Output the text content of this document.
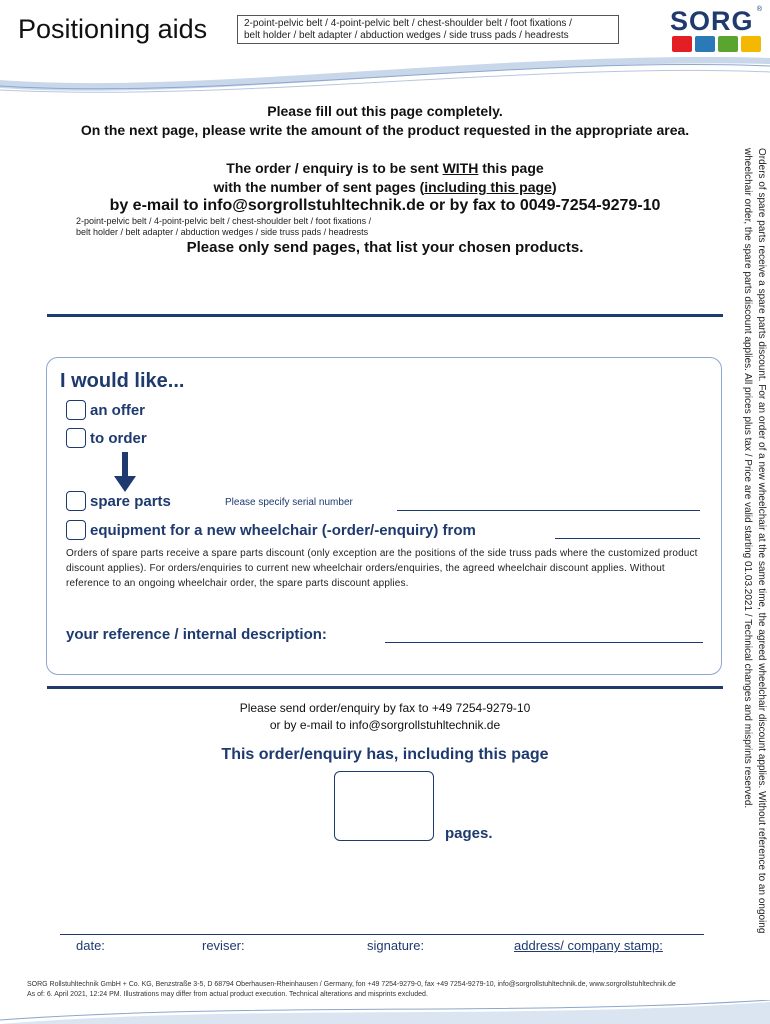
Positioning aids	2-point-pelvic belt / 4-point-pelvic belt / chest-shoulder belt / foot fixations /
belt holder / belt adapter / abduction wedges / side truss pads / headrests	SORG ®
Orders of spare parts receive a spare parts discount. For an order of a new wheelchair at the same time, the agreed wheelchair discount applies. Without reference to an ongoing wheelchair order, the spare parts discount applies. All prices plus tax / Price are valid starting 01.03.2021 / Technical changes and misprints reserved.
Please fill out this page completely.
On the next page, please write the amount of the product requested in the appropriate area.
The order / enquiry is to be sent WITH this page
with the number of sent pages (including this page)
by e-mail to info@sorgrollstuhltechnik.de or by fax to 0049-7254-9279-10
2-point-pelvic belt / 4-point-pelvic belt / chest-shoulder belt / foot fixations /
belt holder / belt adapter / abduction wedges / side truss pads / headrests
Please only send pages, that list your chosen products.
I would like...
an offer
to order
spare parts	Please specify serial number
equipment for a new wheelchair (-order/-enquiry) from
Orders of spare parts receive a spare parts discount (only exception are the positions of the side truss pads where the customized product discount applies). For orders/enquiries to current new wheelchair orders/enquiries, the agreed wheelchair discount applies. Without reference to an ongoing wheelchair order, the spare parts discount applies.
your reference / internal description:
Please send order/enquiry by fax to +49 7254-9279-10
or by e-mail to info@sorgrollstuhltechnik.de
This order/enquiry has, including this page
pages.
date:	reviser:	signature:	address/ company stamp:
SORG Rollstuhltechnik GmbH + Co. KG, Benzstraße 3-5, D 68794 Oberhausen-Rheinhausen / Germany, fon +49 7254-9279-0, fax +49 7254-9279-10, info@sorgrollstuhltechnik.de, www.sorgrollstuhltechnik.de
As of: 6. April 2021, 12:24 PM. Illustrations may differ from actual product execution. Technical alterations and misprints excluded.
